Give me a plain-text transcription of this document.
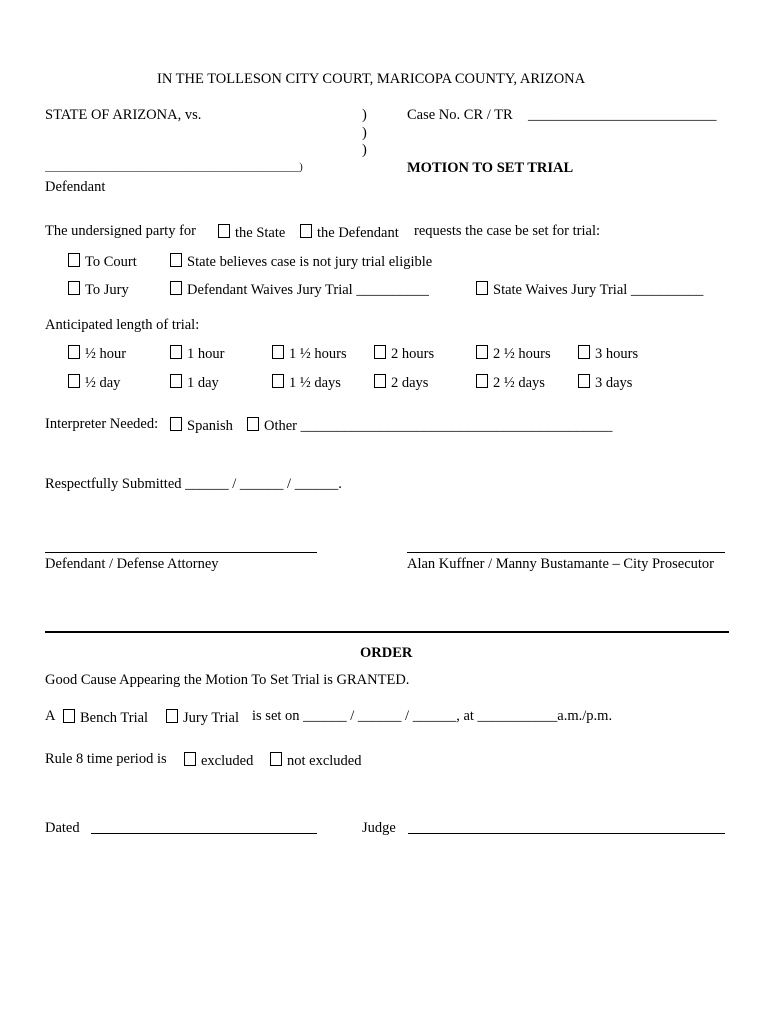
IN THE TOLLESON CITY COURT, MARICOPA COUNTY, ARIZONA
STATE OF ARIZONA, vs.	)
)
)
_____________________________________________________)
Defendant
Case No. CR / TR __________________________
MOTION TO SET TRIAL
The undersigned party for	the State	the Defendant requests the case be set for trial:
To Court	State believes case is not jury trial eligible
To Jury	Defendant Waives Jury Trial __________	State Waives Jury Trial __________
Anticipated length of trial:
½ hour	1 hour	1 ½ hours	2 hours	2 ½ hours	3 hours
½ day	1 day	1 ½ days	2 days	2 ½ days	3 days
Interpreter Needed:	Spanish	Other ___________________________________________
Respectfully Submitted ______ / ______ / ______.
Defendant / Defense Attorney	Alan Kuffner / Manny Bustamante – City Prosecutor
ORDER
Good Cause Appearing the Motion To Set Trial is GRANTED.
A	Bench Trial	Jury Trial is set on ______ / ______ / ______, at ___________a.m./p.m.
Rule 8 time period is	excluded	not excluded
Dated	Judge
